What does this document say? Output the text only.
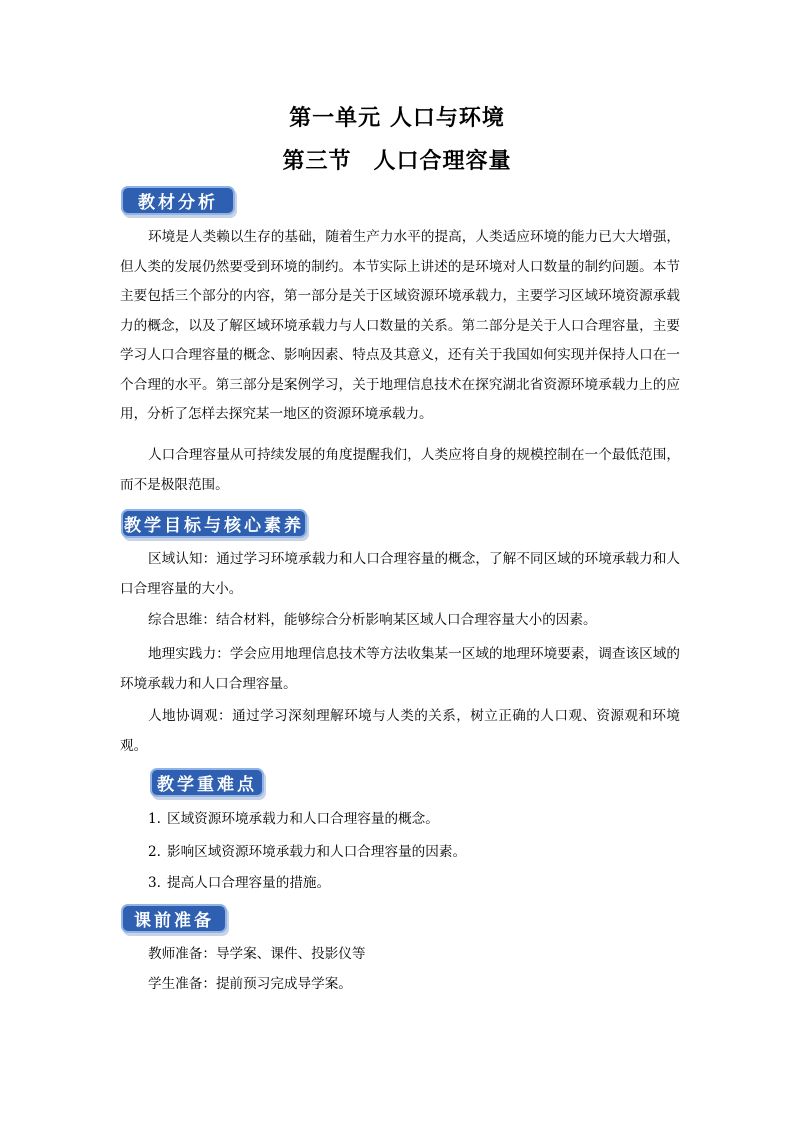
第一单元 人口与环境
第三节 人口合理容量
教材分析

环境是人类赖以生存的基础，随着生产力水平的提高，人类适应环境的能力已大大增强，但人类的发展仍然要受到环境的制约。本节实际上讲述的是环境对人口数量的制约问题。本节主要包括三个部分的内容，第一部分是关于区域资源环境承载力，主要学习区域环境资源承载力的概念，以及了解区域环境承载力与人口数量的关系。第二部分是关于人口合理容量，主要学习人口合理容量的概念、影响因素、特点及其意义，还有关于我国如何实现并保持人口在一个合理的水平。第三部分是案例学习，关于地理信息技术在探究湖北省资源环境承载力上的应用，分析了怎样去探究某一地区的资源环境承载力。

人口合理容量从可持续发展的角度提醒我们，人类应将自身的规模控制在一个最低范围，而不是极限范围。

教学目标与核心素养

区域认知：通过学习环境承载力和人口合理容量的概念，了解不同区域的环境承载力和人口合理容量的大小。

综合思维：结合材料，能够综合分析影响某区域人口合理容量大小的因素。

地理实践力：学会应用地理信息技术等方法收集某一区域的地理环境要素，调查该区域的环境承载力和人口合理容量。

人地协调观：通过学习深刻理解环境与人类的关系，树立正确的人口观、资源观和环境观。

教学重难点
1. 区域资源环境承载力和人口合理容量的概念。
2. 影响区域资源环境承载力和人口合理容量的因素。
3. 提高人口合理容量的措施。
课前准备
教师准备：导学案、课件、投影仪等
学生准备：提前预习完成导学案。
